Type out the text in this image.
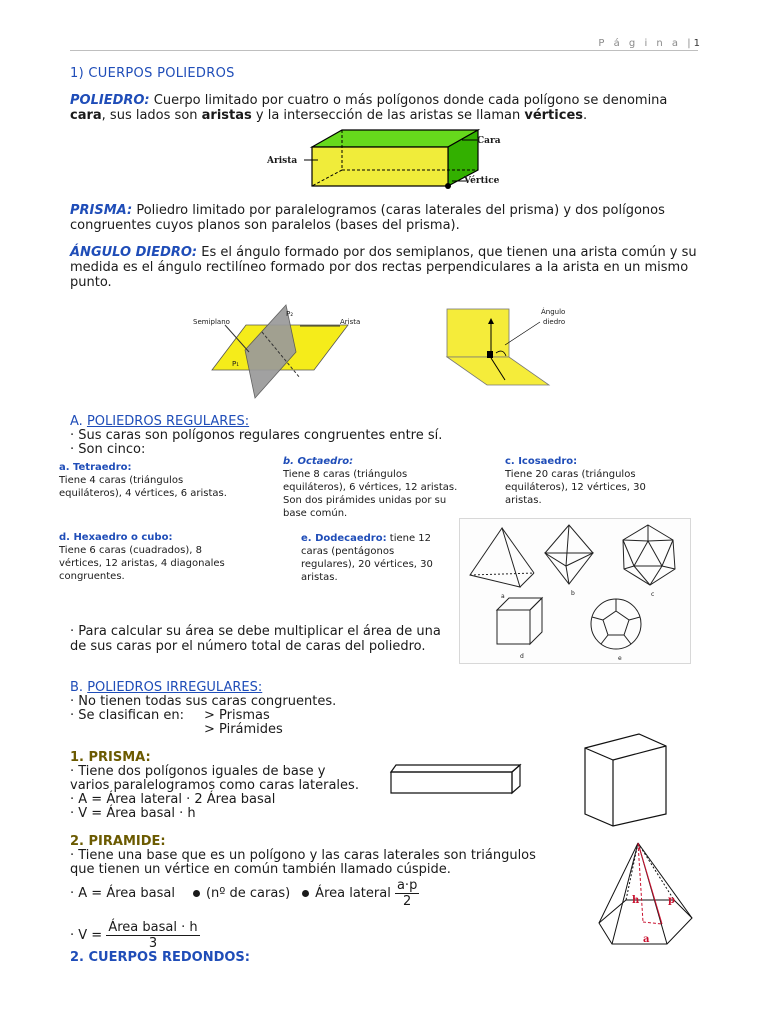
P á g i n a |1
1) CUERPOS POLIEDROS
POLIEDRO: Cuerpo limitado por cuatro o más polígonos donde cada polígono se denomina cara, sus lados son aristas y la intersección de las aristas se llaman vértices.
Arista
Cara
Vértice
PRISMA: Poliedro limitado por paralelogramos (caras laterales del prisma) y dos polígonos congruentes cuyos planos son paralelos (bases del prisma).
ÁNGULO DIEDRO: Es el ángulo formado por dos semiplanos, que tienen una arista común y su medida es el ángulo rectilíneo formado por dos rectas perpendiculares a la arista en un mismo punto.
Semiplano	Arista
P₂
P₁
Ángulo
diedro
A. POLIEDROS REGULARES:
· Sus caras son polígonos regulares congruentes entre sí.
· Son cinco:
a. Tetraedro:
Tiene 4 caras (triángulos equiláteros), 4 vértices, 6 aristas.
b. Octaedro:
Tiene 8 caras (triángulos equiláteros), 6 vértices, 12 aristas. Son dos pirámides unidas por su base común.
c. Icosaedro:
Tiene 20 caras (triángulos equiláteros), 12 vértices, 30 aristas.
d. Hexaedro o cubo:
Tiene 6 caras (cuadrados), 8 vértices, 12 aristas, 4 diagonales congruentes.
e. Dodecaedro: tiene 12 caras (pentágonos regulares), 20 vértices, 30 aristas.
a	b	c
d	e
· Para calcular su área se debe multiplicar el área de una de sus caras por el número total de caras del poliedro.
B. POLIEDROS IRREGULARES:
· No tienen todas sus caras congruentes.
· Se clasifican en: > Prismas
> Pirámides
1. PRISMA:
· Tiene dos polígonos iguales de base y
varios paralelogramos como caras laterales.
· A = Área lateral · 2 Área basal
· V = Área basal · h
2. PIRAMIDE:
· Tiene una base que es un polígono y las caras laterales son triángulos
que tienen un vértice en común también llamado cúspide.
· A = Área basal (nº de caras) Área lateral $\frac{a\cdot p}{2}$
· $V = \frac{\text{Área basal · h}}{3}$
h	p
a
2. CUERPOS REDONDOS:
